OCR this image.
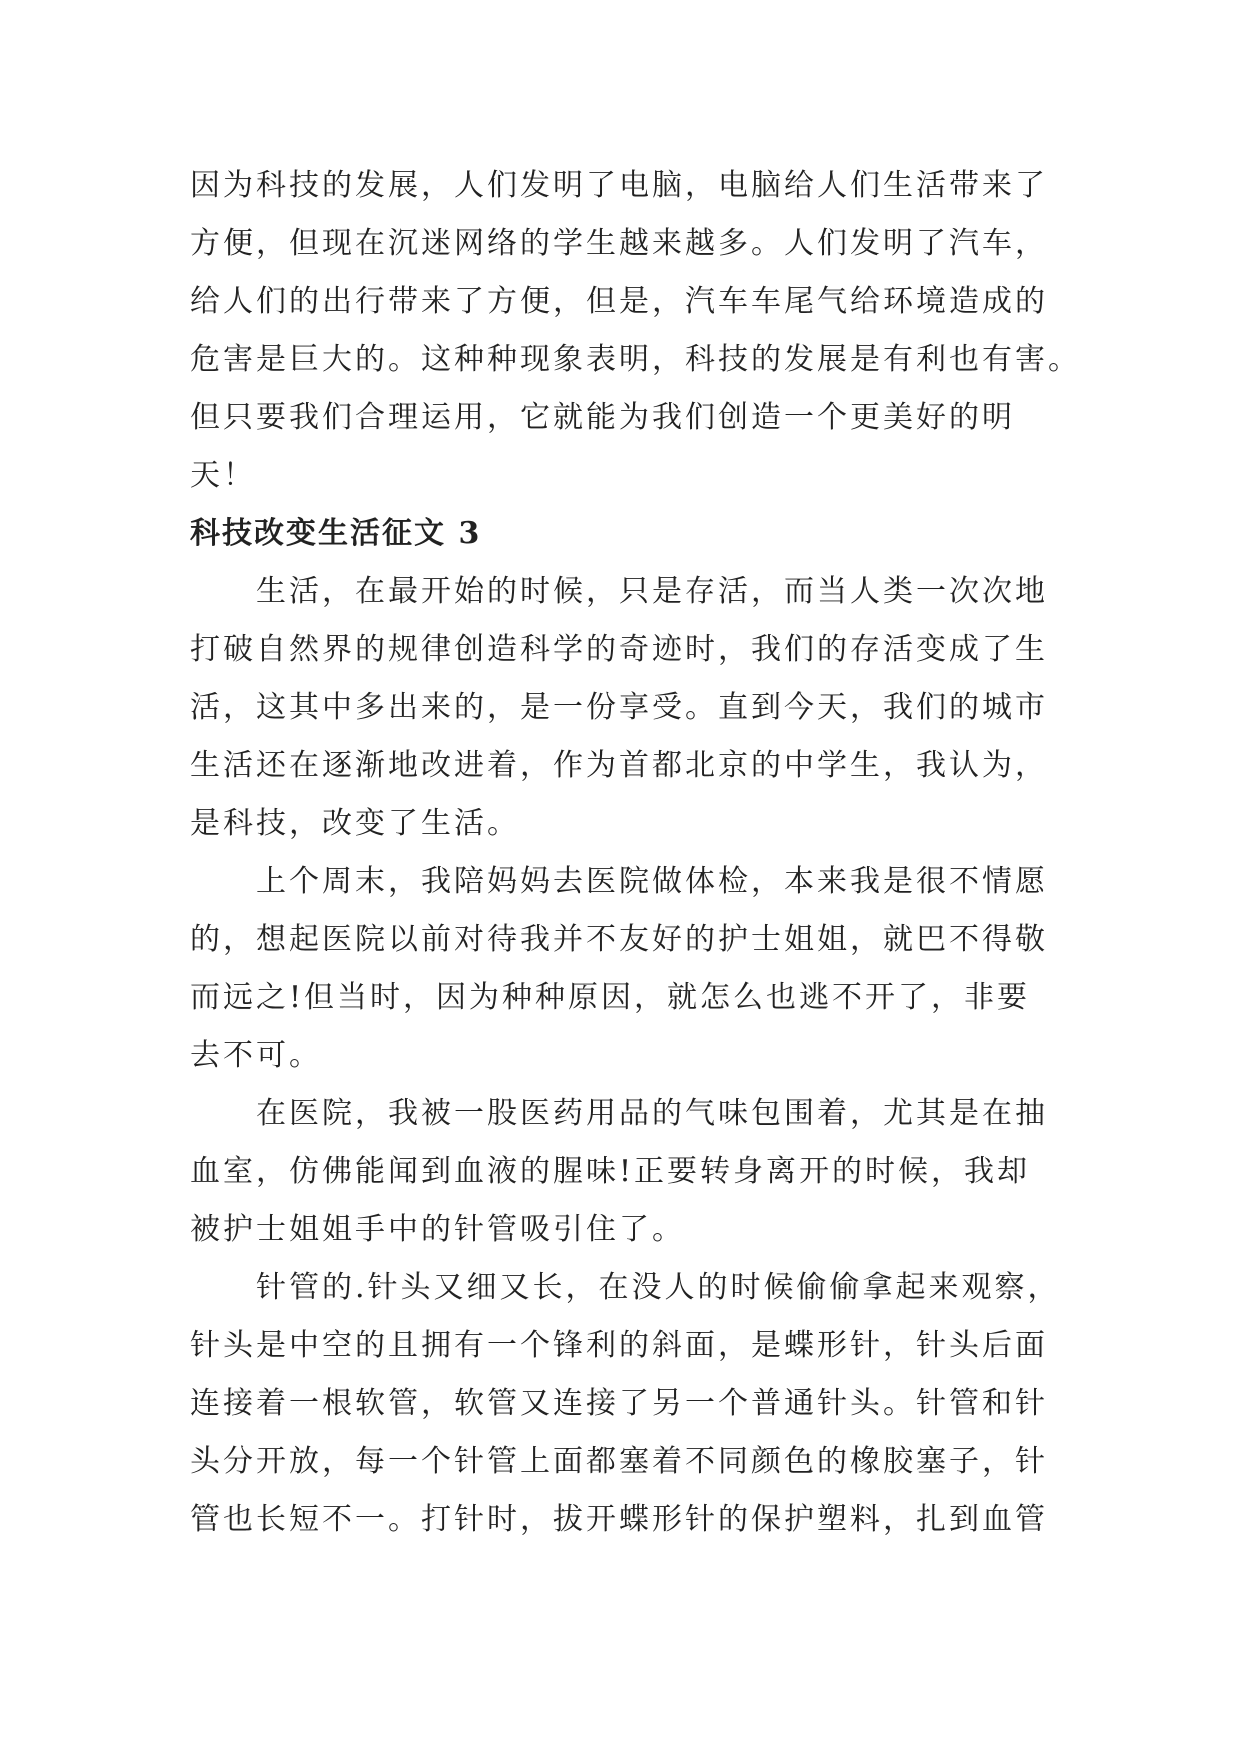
因为科技的发展，人们发明了电脑，电脑给人们生活带来了
方便，但现在沉迷网络的学生越来越多。人们发明了汽车，
给人们的出行带来了方便，但是，汽车车尾气给环境造成的
危害是巨大的。这种种现象表明，科技的发展是有利也有害。
但只要我们合理运用，它就能为我们创造一个更美好的明
天！

科技改变生活征文 3

生活，在最开始的时候，只是存活，而当人类一次次地
打破自然界的规律创造科学的奇迹时，我们的存活变成了生
活，这其中多出来的，是一份享受。直到今天，我们的城市
生活还在逐渐地改进着，作为首都北京的中学生，我认为，
是科技，改变了生活。

上个周末，我陪妈妈去医院做体检，本来我是很不情愿
的，想起医院以前对待我并不友好的护士姐姐，就巴不得敬
而远之!但当时，因为种种原因，就怎么也逃不开了，非要
去不可。

在医院，我被一股医药用品的气味包围着，尤其是在抽
血室，仿佛能闻到血液的腥味!正要转身离开的时候，我却
被护士姐姐手中的针管吸引住了。

针管的.针头又细又长，在没人的时候偷偷拿起来观察，
针头是中空的且拥有一个锋利的斜面，是蝶形针，针头后面
连接着一根软管，软管又连接了另一个普通针头。针管和针
头分开放，每一个针管上面都塞着不同颜色的橡胶塞子，针
管也长短不一。打针时，拔开蝶形针的保护塑料，扎到血管
